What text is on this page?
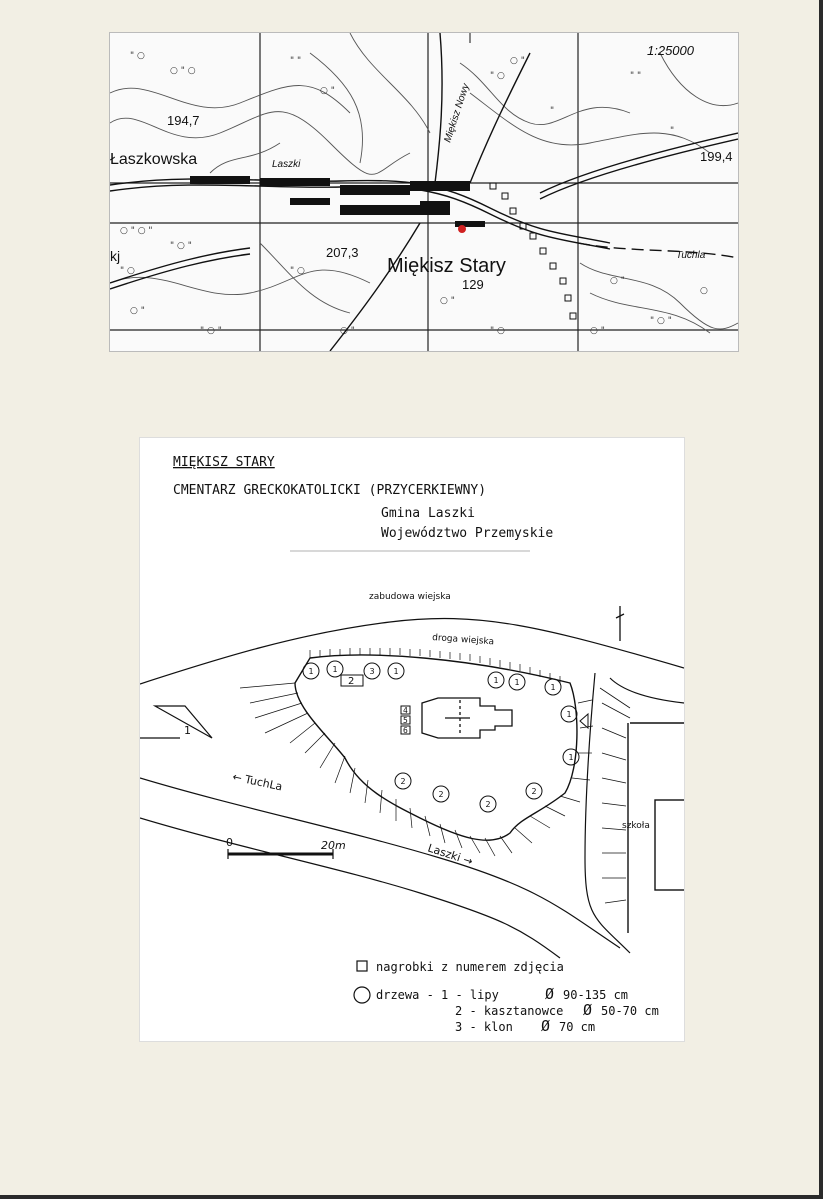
" ○
○ " ○
" "
○ "
" ○
○ "
"
" "
"
○ " ○ "
" ○ "
" ○
○ "
" ○ "
" ○
○ "
○ "
" ○
○ "
" ○ "
○
○ "
1:25000
Łaszkowska	Laszki
Miękisz Nowy
Miękisz Stary	Tuchla
kj
194,7
199,4
207,3
129
MIĘKISZ STARY
CMENTARZ GRECKOKATOLICKI (PRZYCERKIEWNY)
Gmina Laszki
Województwo Przemyskie
zabudowa wiejska
droga wiejska
szkoła
1
4
5
6
2
1 1	3 1
1 1
1
1
1
2
2
2
2
← TuchLa
Laszki →
0	20m
nagrobki z numerem zdjęcia
drzewa - 1 - lipy	Ø 90-135 cm
2 - kasztanowce Ø 50-70 cm
3 - klon Ø 70 cm
